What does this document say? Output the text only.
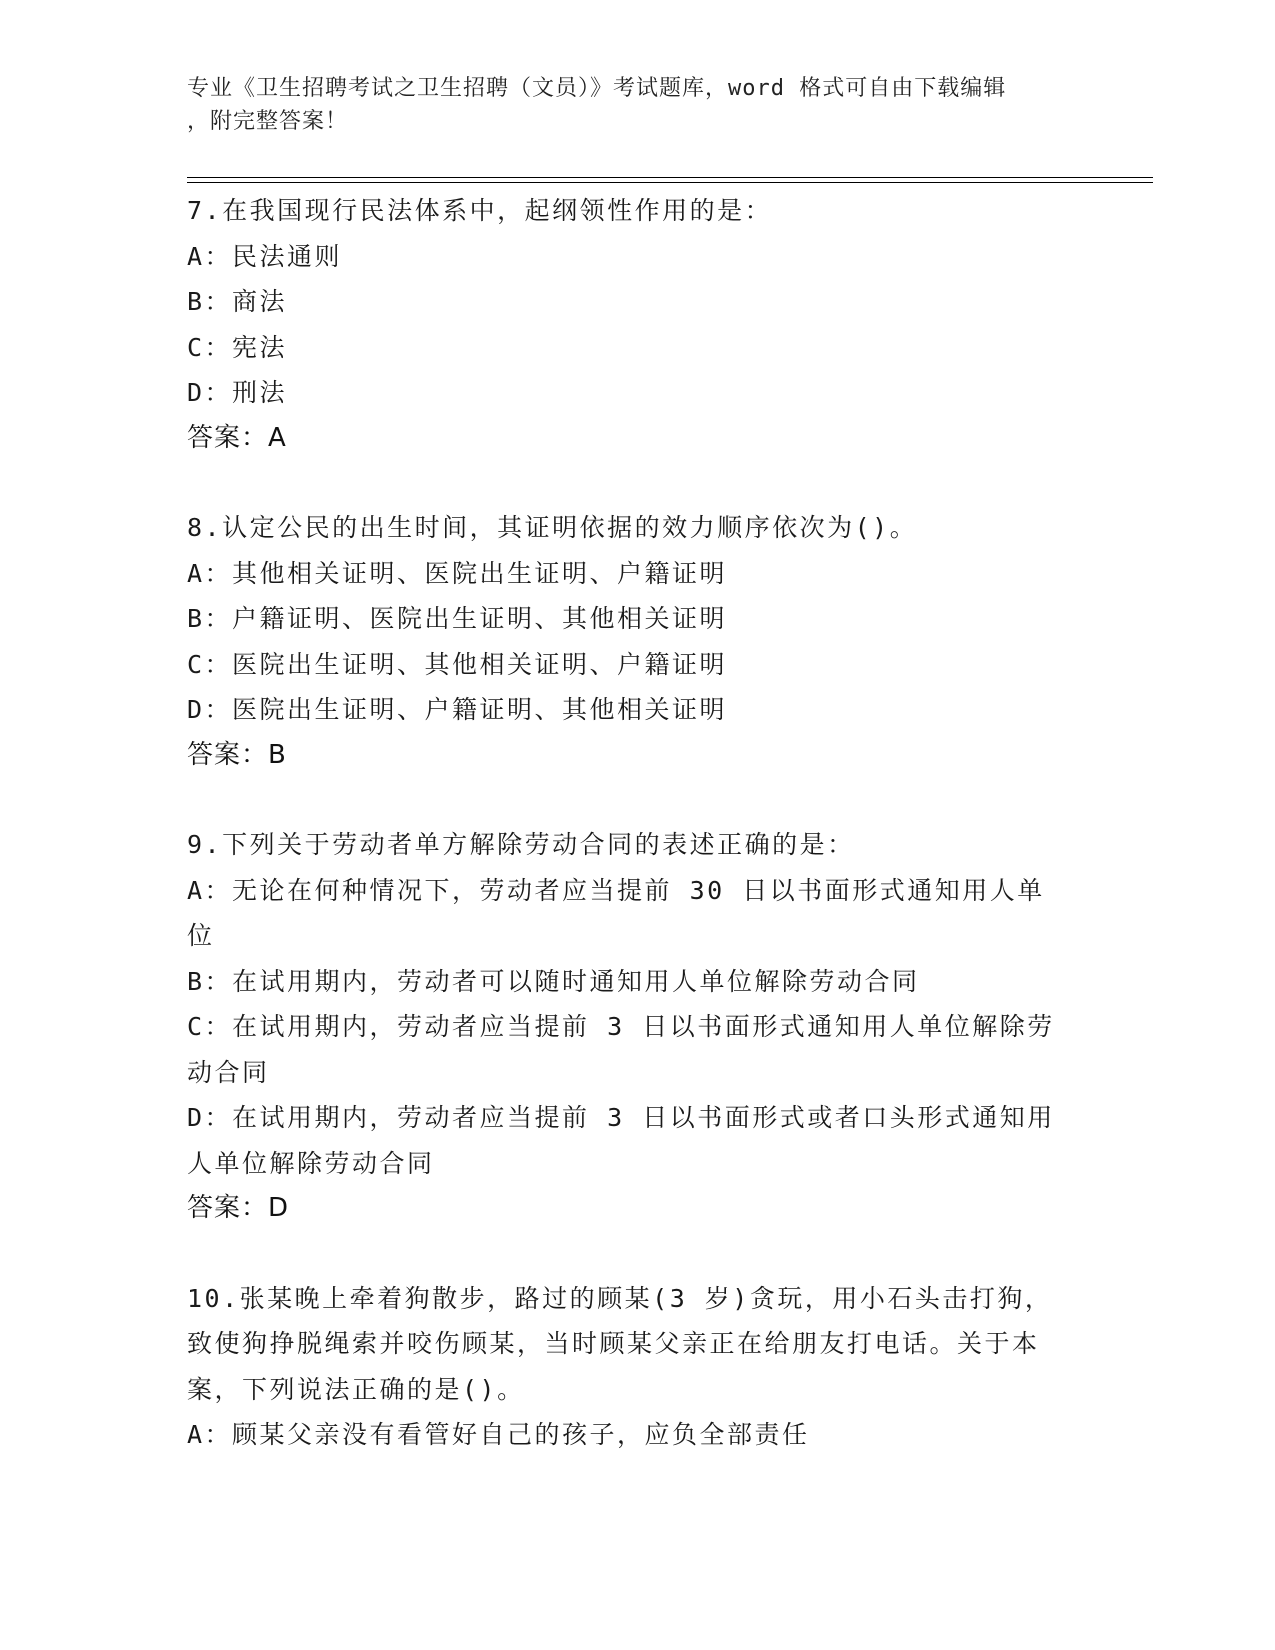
专业《卫生招聘考试之卫生招聘（文员）》考试题库，word 格式可自由下载编辑
，附完整答案！
7.在我国现行民法体系中，起纲领性作用的是：
A：民法通则
B：商法
C：宪法
D：刑法
答案：A
8.认定公民的出生时间，其证明依据的效力顺序依次为()。
A：其他相关证明、医院出生证明、户籍证明
B：户籍证明、医院出生证明、其他相关证明
C：医院出生证明、其他相关证明、户籍证明
D：医院出生证明、户籍证明、其他相关证明
答案：B
9.下列关于劳动者单方解除劳动合同的表述正确的是：
A：无论在何种情况下，劳动者应当提前 30 日以书面形式通知用人单位
B：在试用期内，劳动者可以随时通知用人单位解除劳动合同
C：在试用期内，劳动者应当提前 3 日以书面形式通知用人单位解除劳动合同
D：在试用期内，劳动者应当提前 3 日以书面形式或者口头形式通知用人单位解除劳动合同
答案：D
10.张某晚上牵着狗散步，路过的顾某(3 岁)贪玩，用小石头击打狗，致使狗挣脱绳索并咬伤顾某，当时顾某父亲正在给朋友打电话。关于本案，下列说法正确的是()。
A：顾某父亲没有看管好自己的孩子，应负全部责任
